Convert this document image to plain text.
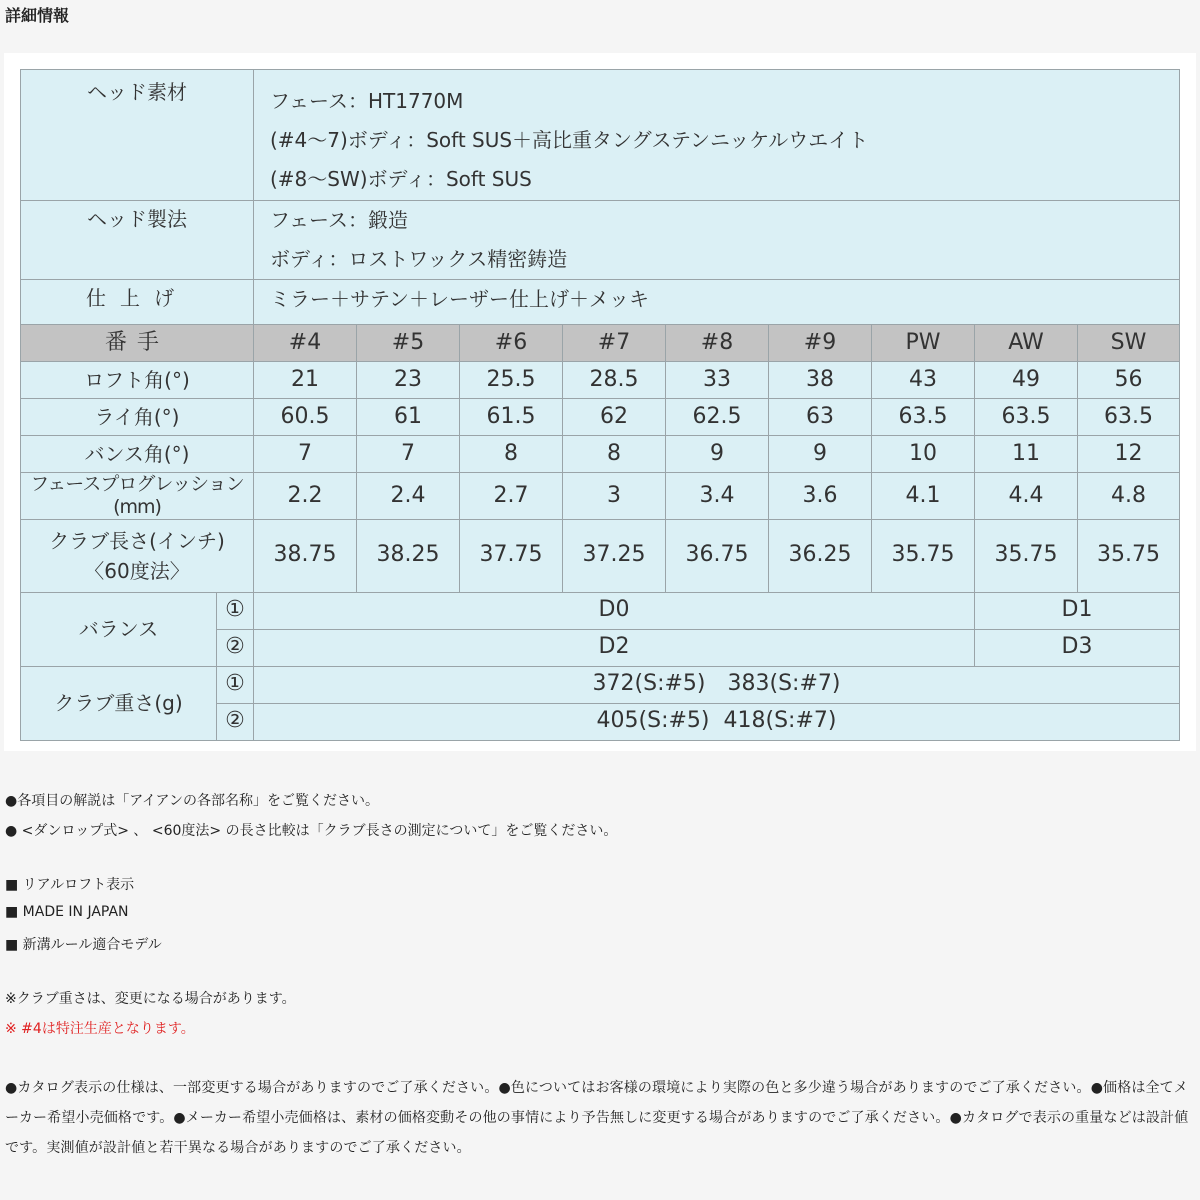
詳細情報
ヘッド素材		フェース：HT1770M
(#4～7)ボディ：Soft SUS＋高比重タングステンニッケルウエイト
(#8～SW)ボディ：Soft SUS								

ヘッド製法		フェース：鍛造
ボディ：ロストワックス精密鋳造								

仕上げ		ミラー＋サテン＋レーザー仕上げ＋メッキ								

番手		#4	#5	#6	#7	#8	#9	PW	AW	SW
ロフト角(°)		21	23	25.5	28.5	33	38	43	49	56
ライ角(°)		60.5	61	61.5	62	62.5	63	63.5	63.5	63.5
バンス角(°)		7	7	8	8	9	9	10	11	12
フェースプログレッション(mm)		2.2	2.4	2.7	3	3.4	3.6	4.1	4.4	4.8
クラブ長さ(インチ)
〈60度法〉		38.75	38.25	37.75	37.25	36.75	36.25	35.75	35.75	35.75
バランス	①	D0							D1	
	②	D2							D3	
クラブ重さ(g)	①	372(S:#5)　383(S:#7)								
	②	405(S:#5)  418(S:#7)								
●各項目の解説は「アイアンの各部名称」をご覧ください。
● <ダンロップ式> 、 <60度法> の長さ比較は「クラブ長さの測定について」をご覧ください。
■ リアルロフト表示
■ MADE IN JAPAN
■ 新溝ルール適合モデル
※クラブ重さは、変更になる場合があります。
※ #4は特注生産となります。
●カタログ表示の仕様は、一部変更する場合がありますのでご了承ください。●色についてはお客様の環境により実際の色と多少違う場合がありますのでご了承ください。●価格は全てメーカー希望小売価格です。●メーカー希望小売価格は、素材の価格変動その他の事情により予告無しに変更する場合がありますのでご了承ください。●カタログで表示の重量などは設計値です。実測値が設計値と若干異なる場合がありますのでご了承ください。
